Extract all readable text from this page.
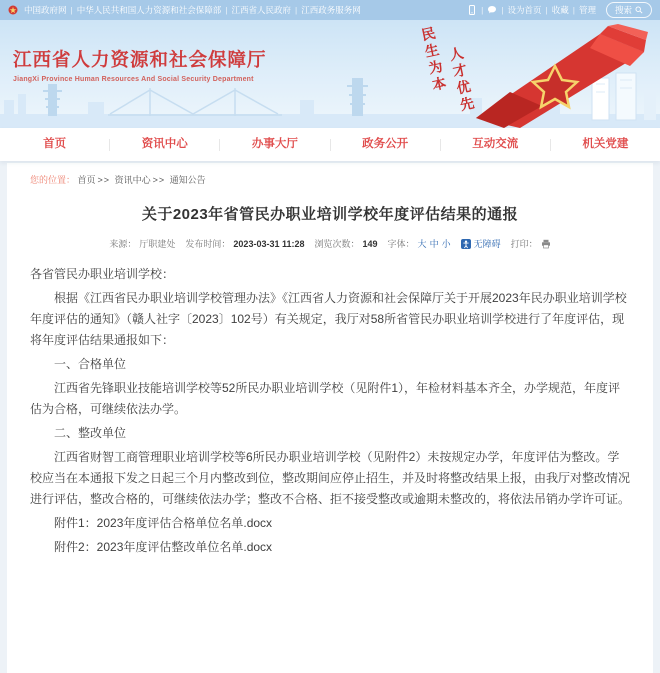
中国政府网 | 中华人民共和国人力资源和社会保障部 | 江西省人民政府 | 江西政务服务网 | |	设为首页 | 收藏 | 管理 搜索
江西省人力资源和社会保障厅
JiangXi Province Human Resources And Social Security Department	民生为本
人才优先
首页	资讯中心	办事大厅	政务公开	互动交流	机关党建
您的位置： 首页 >> 资讯中心 >> 通知公告
关于2023年省管民办职业培训学校年度评估结果的通报
来源： 厅职建处 发布时间： 2023-03-31 11:28 浏览次数： 149 字体： 大 中 小	无障碍 打印：

各省管民办职业培训学校：

根据《江西省民办职业培训学校管理办法》《江西省人力资源和社会保障厅关于开展2023年民办职业培训学校年度评估的通知》（赣人社字〔2023〕102号）有关规定，我厅对58所省管民办职业培训学校进行了年度评估，现将年度评估结果通报如下：

一、合格单位

江西省先锋职业技能培训学校等52所民办职业培训学校（见附件1），年检材料基本齐全，办学规范，年度评估为合格，可继续依法办学。

二、整改单位

江西省财智工商管理职业培训学校等6所民办职业培训学校（见附件2）未按规定办学，年度评估为整改。学校应当在本通报下发之日起三个月内整改到位，整改期间应停止招生，并及时将整改结果上报，由我厅对整改情况进行评估，整改合格的，可继续依法办学；整改不合格、拒不接受整改或逾期未整改的，将依法吊销办学许可证。

附件1：2023年度评估合格单位名单.docx

附件2：2023年度评估整改单位名单.docx
